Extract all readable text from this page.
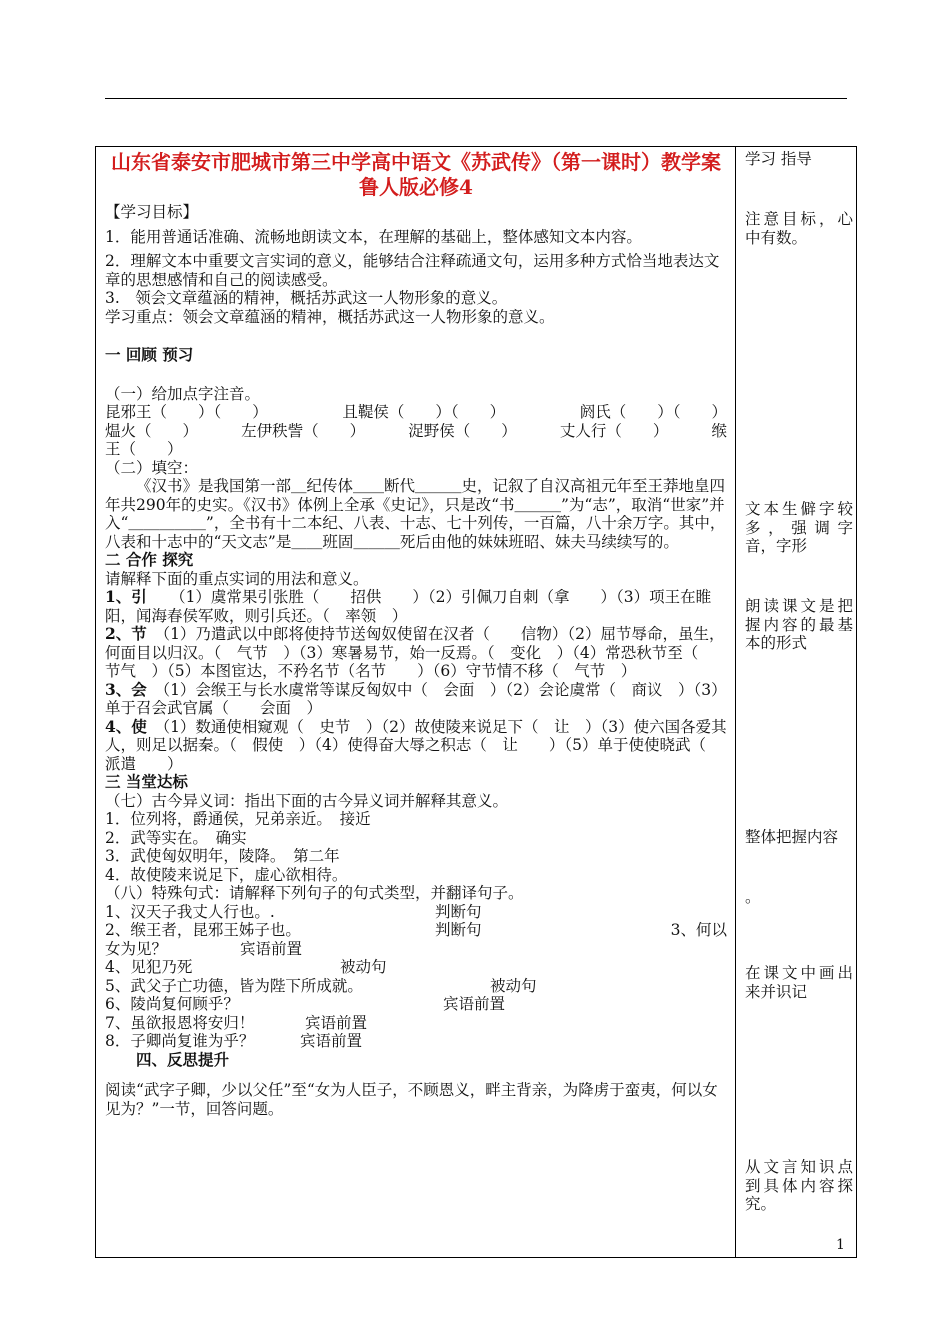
山东省泰安市肥城市第三中学高中语文《苏武传》（第一课时）教学案 鲁人版必修4

【学习目标】

1．能用普通话准确、流畅地朗读文本，在理解的基础上，整体感知文本内容。

2．理解文本中重要文言实词的意义，能够结合注释疏通文句，运用多种方式恰当地表达文章的思想感情和自己的阅读感受。

3.　领会文章蕴涵的精神，概括苏武这一人物形象的意义。

学习重点：领会文章蕴涵的精神，概括苏武这一人物形象的意义。

一 回顾 预习

（一）给加点字注音。

昆邪王（　　）（　　）	且鞮侯（　　）（　　）	阏氏（　　）（　　）
煴火（　　）	左伊秩訾（　　）	浞野侯（　　）	丈人行（　　）	缑

王（　　）

（二）填空：

《汉书》是我国第一部＿纪传体＿＿断代＿＿＿史，记叙了自汉高祖元年至王莽地皇四年共290年的史实。《汉书》体例上全承《史记》，只是改“书＿＿＿”为“志”，取消“世家”并入“＿＿＿＿＿”，全书有十二本纪、八表、十志、七十列传，一百篇，八十余万字。其中，八表和十志中的“天文志”是＿＿班固＿＿＿死后由他的妹妹班昭、妹夫马续续写的。

二 合作 探究

请解释下面的重点实词的用法和意义。

1、引　　 （1）虞常果引张胜（　　招供　　）（2）引佩刀自刺（拿　　）（3）项王在睢阳，闻海春侯军败，则引兵还。（　率领　）

2、节　 （1）乃遣武以中郎将使持节送匈奴使留在汉者（　　信物）（2）屈节辱命，虽生，何面目以归汉。（　气节　）（3）寒暑易节，始一反焉。（　变化　）（4）常恐秋节至（　节气　）（5）本图宦达，不矜名节（名节　　）（6）守节情不移（　气节　）

3、会　 （1）会缑王与长水虞常等谋反匈奴中（　会面　）（2）会论虞常（　商议　）（3）单于召会武官属（　　会面　）

4、使　 （1）数通使相窥观（　史节　）（2）故使陵来说足下（　让　）（3）使六国各爱其人，则足以据秦。（　假使　）（4）使得奋大辱之积志（　让　　）（5）单于使使晓武（　　派遣　　）

三 当堂达标

（七）古今异义词：指出下面的古今异义词并解释其意义。

1．位列将，爵通侯，兄弟亲近。　 接近

2．武等实在。　 确实

3．武使匈奴明年，陵降。　 第二年

4．故使陵来说足下，虚心欲相待。

（八）特殊句式：请解释下列句子的句式类型，并翻译句子。

1、汉天子我丈人行也。.	判断句

2、缑王者，昆邪王姊子也。	判断句	3、何以

女为见？	宾语前置

4、见犯乃死	被动句

5、武父子亡功德，皆为陛下所成就。	被动句

6、陵尚复何顾乎？	宾语前置

7、虽欲报恩将安归！	宾语前置

8．子卿尚复谁为乎？	宾语前置

四、反思提升

阅读“武字子卿，少以父任”至“女为人臣子，不顾恩义，畔主背亲，为降虏于蛮夷，何以女见为？”一节，回答问题。

学习 指导
注意目标，心中有数。
文本生僻字较多，强调字音，字形
朗读课文是把握内容的最基本的形式
整体把握内容
。
在课文中画出来并识记
从文言知识点到具体内容探究。
1
